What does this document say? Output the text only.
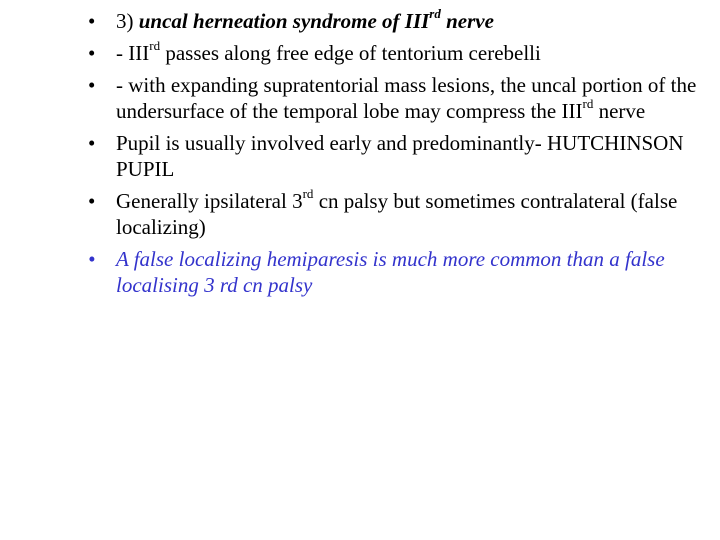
• 3) uncal herneation syndrome of IIIrd nerve
• - IIIrd passes along free edge of tentorium cerebelli
• - with expanding supratentorial mass lesions, the uncal portion of the undersurface of the temporal lobe may compress the IIIrd nerve
• Pupil is usually involved early and predominantly- HUTCHINSON PUPIL
• Generally ipsilateral 3rd cn palsy but sometimes contralateral (false localizing)
• A false localizing hemiparesis is much more common than a false localising 3 rd cn palsy
